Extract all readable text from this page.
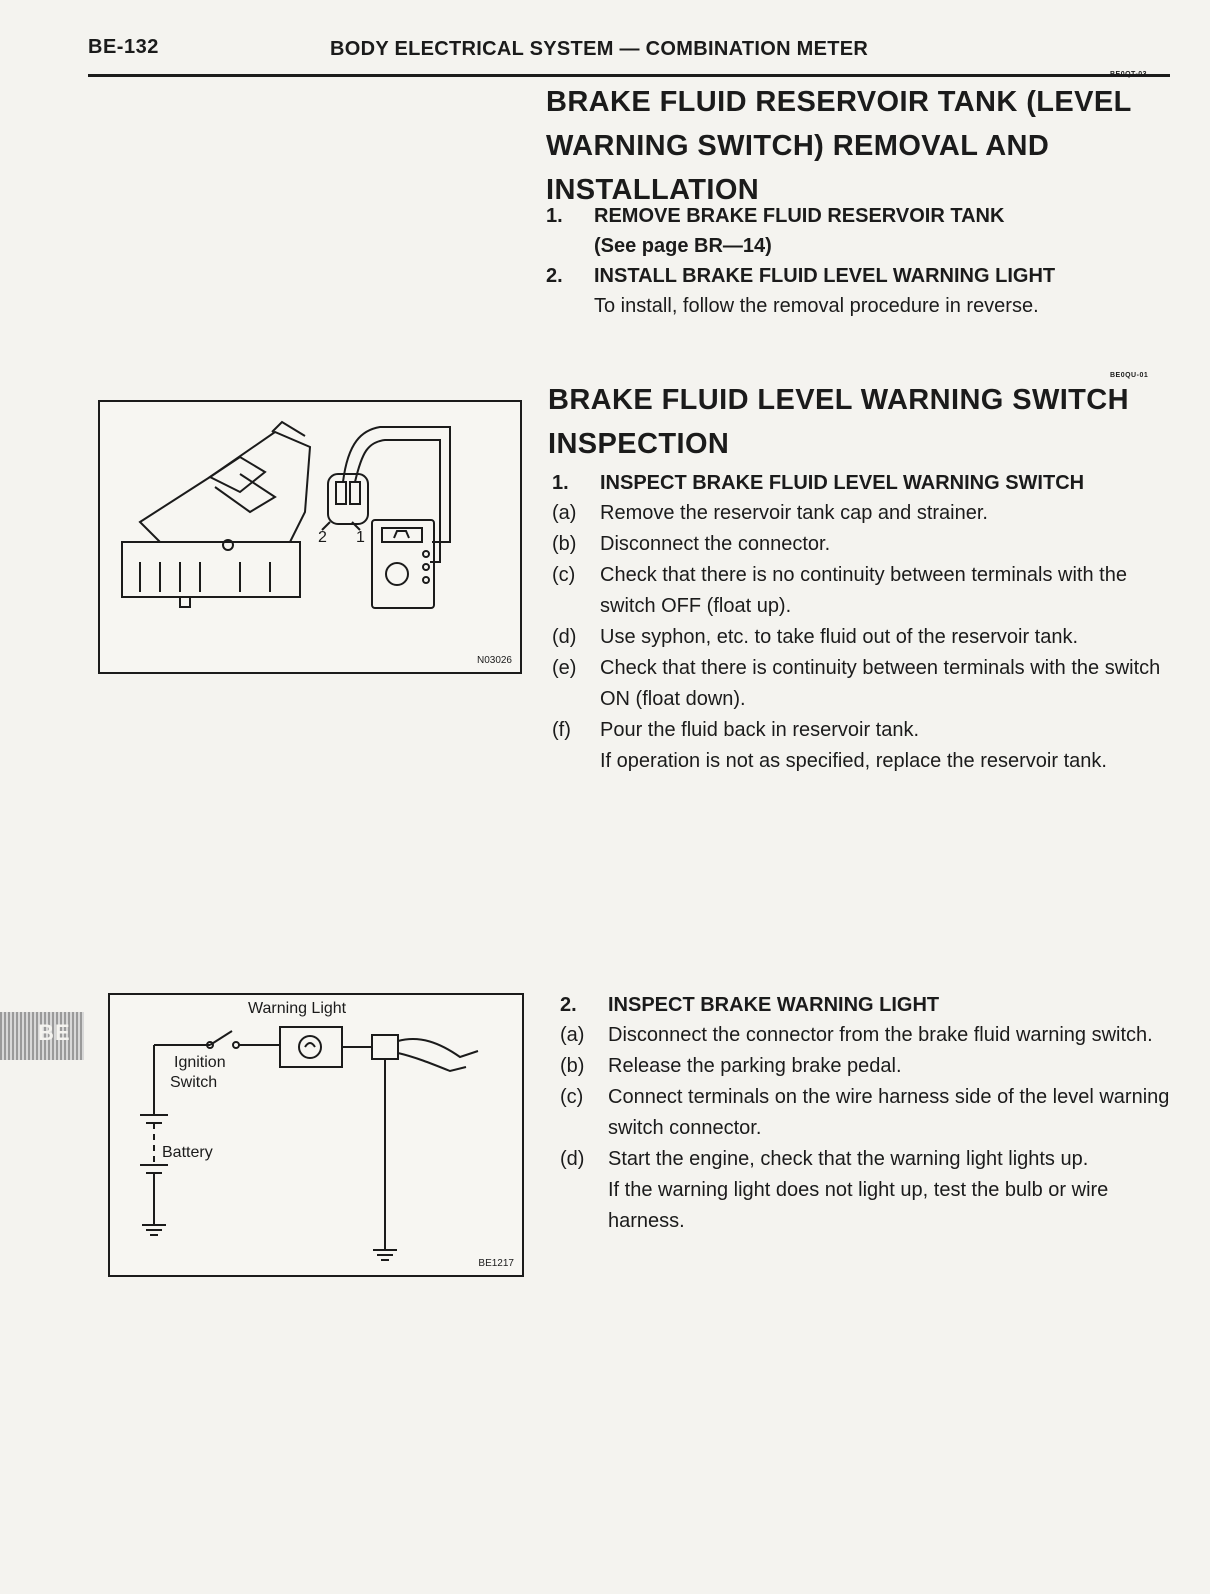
BE-132	BODY ELECTRICAL SYSTEM — COMBINATION METER
BE0QT-03
BRAKE FLUID RESERVOIR TANK (LEVEL
WARNING SWITCH) REMOVAL AND
INSTALLATION
1. REMOVE BRAKE FLUID RESERVOIR TANK
(See page BR—14)
2. INSTALL BRAKE FLUID LEVEL WARNING LIGHT
To install, follow the removal procedure in reverse.
BE0QU-01
BRAKE FLUID LEVEL WARNING SWITCH
INSPECTION
1. INSPECT BRAKE FLUID LEVEL WARNING SWITCH
(a)	Remove the reservoir tank cap and strainer.
(b)	Disconnect the connector.
(c)	Check that there is no continuity between terminals with the switch OFF (float up).
(d)	Use syphon, etc. to take fluid out of the reservoir tank.
(e)	Check that there is continuity between terminals with the switch ON (float down).
(f)	Pour the fluid back in reservoir tank.
If operation is not as specified, replace the reservoir tank.
2. INSPECT BRAKE WARNING LIGHT
(a)	Disconnect the connector from the brake fluid warning switch.
(b)	Release the parking brake pedal.
(c)	Connect terminals on the wire harness side of the level warning switch connector.
(d)	Start the engine, check that the warning light lights up.
If the warning light does not light up, test the bulb or wire harness.
2 1
N03026
Warning Light
Ignition
Switch
Battery
BE1217
BE
